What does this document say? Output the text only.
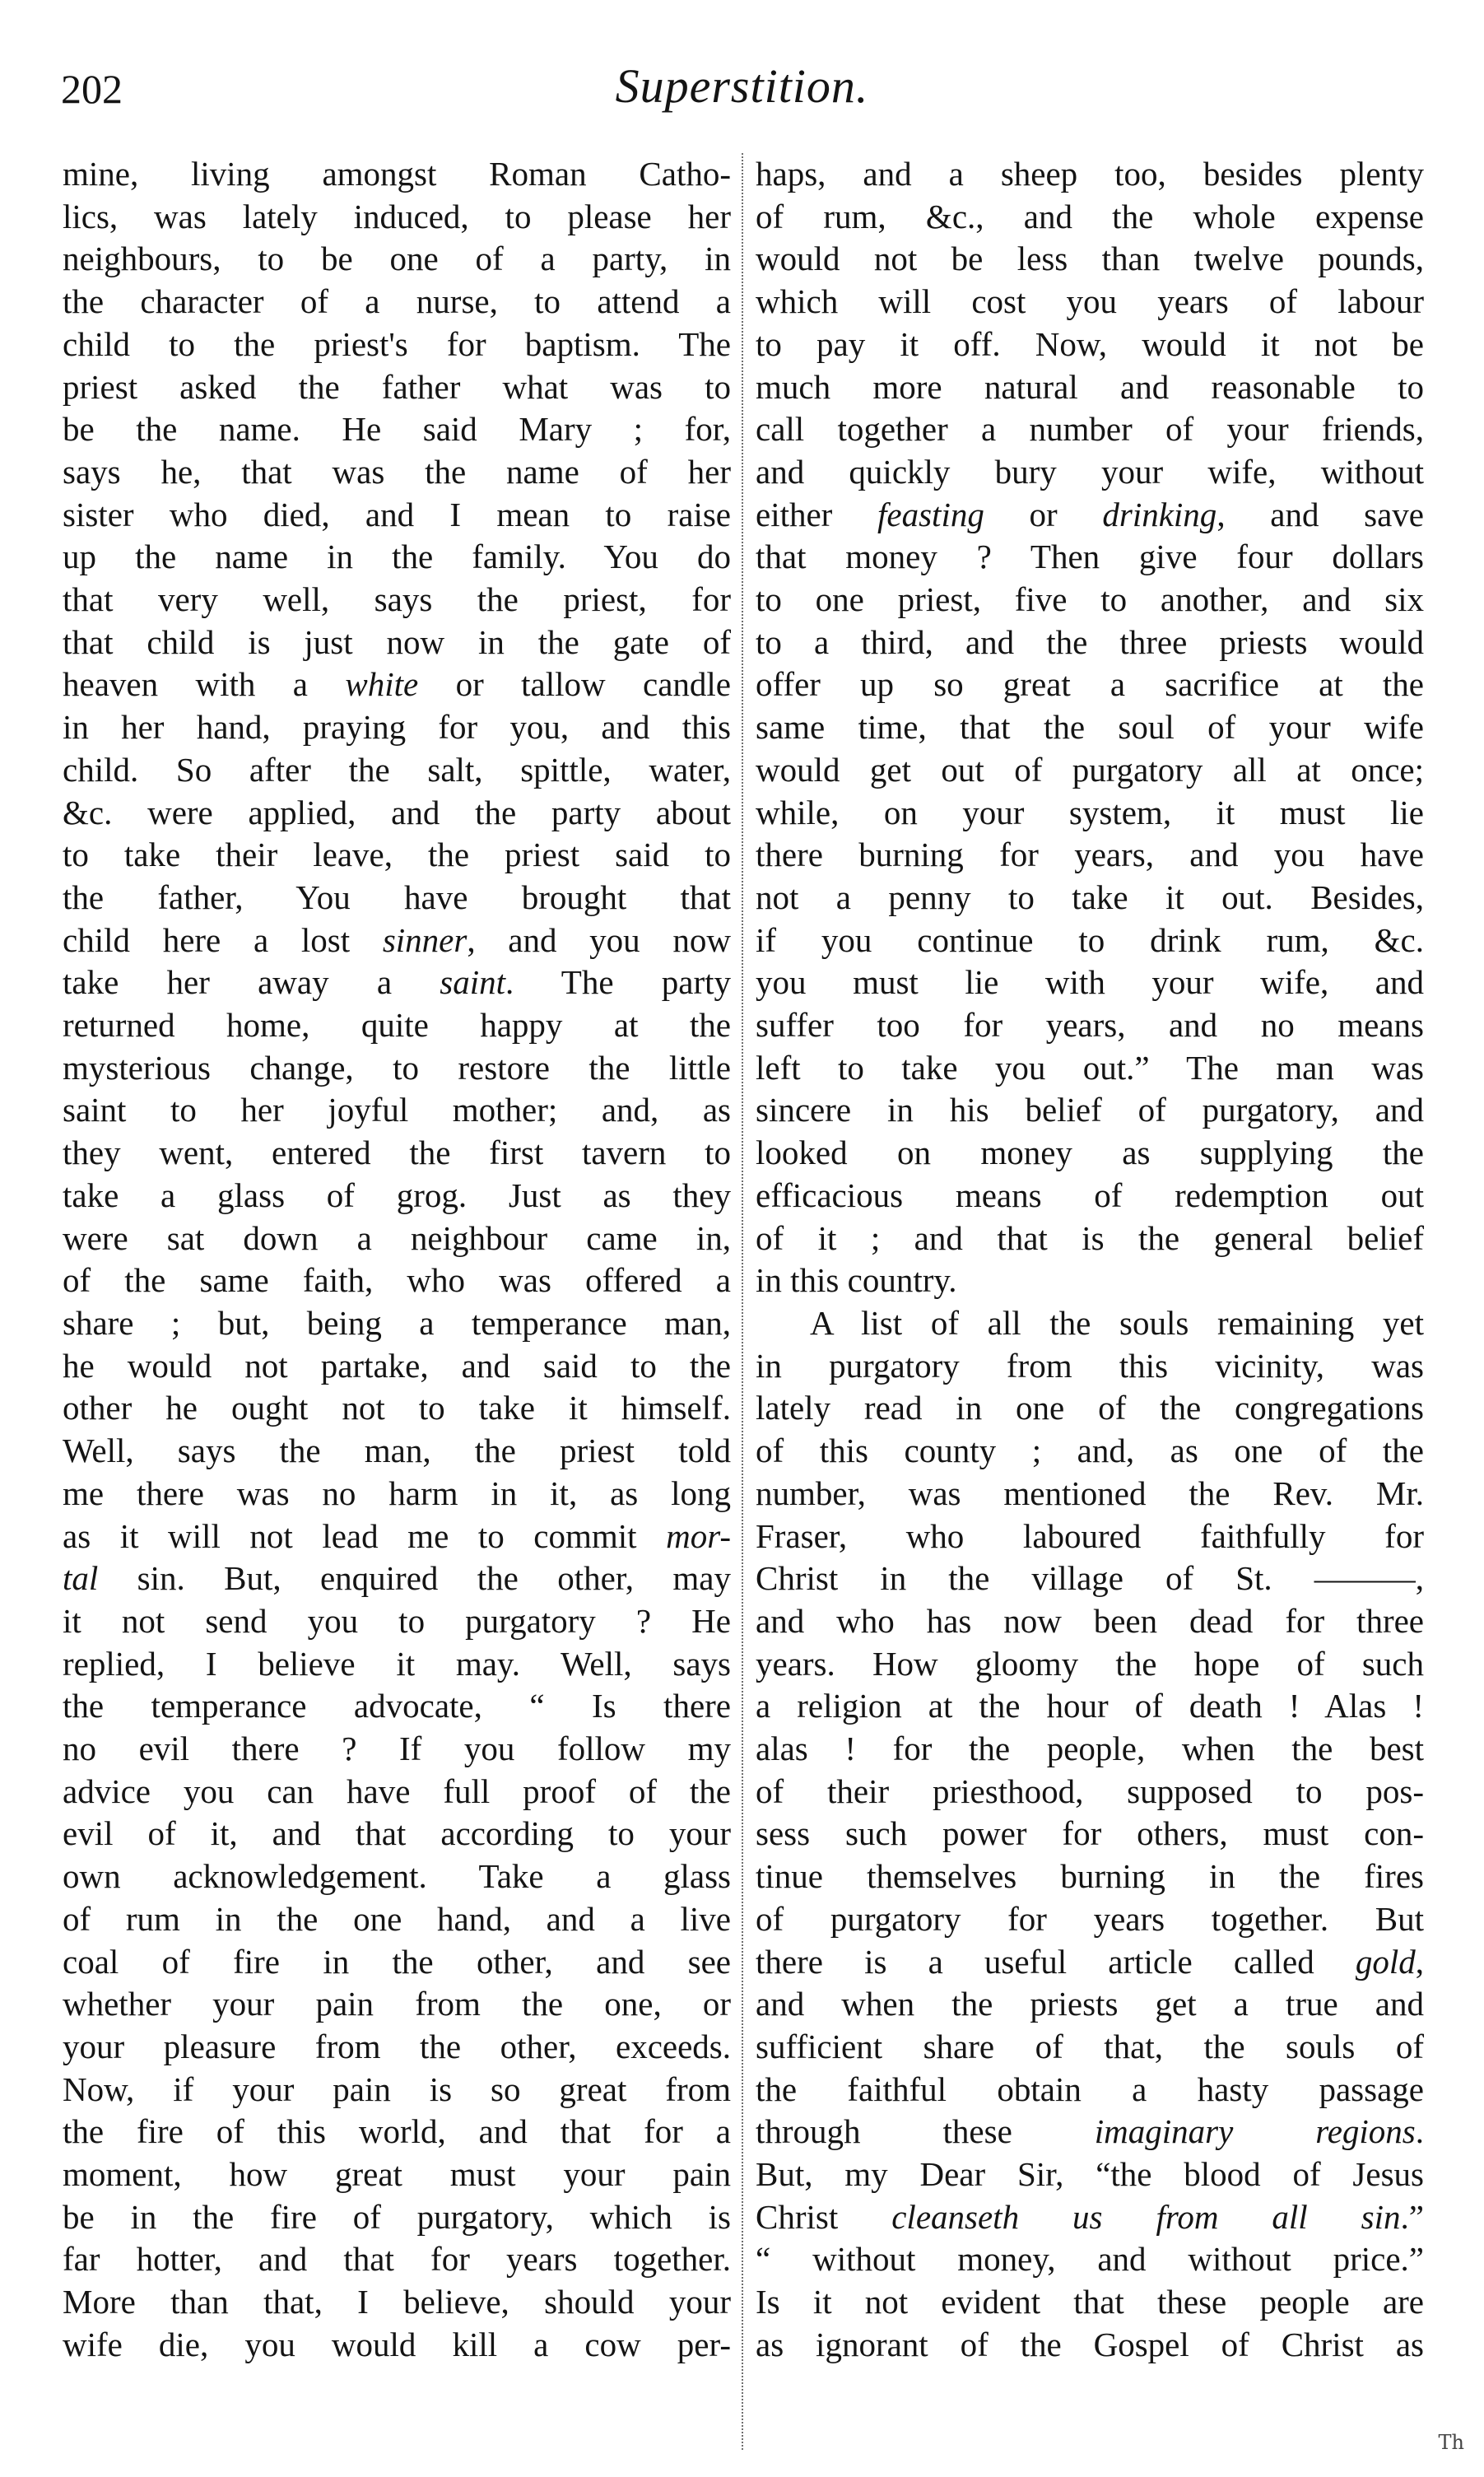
202	Superstition.
mine, living amongst Roman Catho-
lics, was lately induced, to please her
neighbours, to be one of a party, in
the character of a nurse, to attend a
child to the priest's for baptism. The
priest asked the father what was to
be the name. He said Mary ; for,
says he, that was the name of her
sister who died, and I mean to raise
up the name in the family. You do
that very well, says the priest, for
that child is just now in the gate of
heaven with a white or tallow candle
in her hand, praying for you, and this
child. So after the salt, spittle, water,
&c. were applied, and the party about
to take their leave, the priest said to
the father, You have brought that
child here a lost sinner, and you now
take her away a saint. The party
returned home, quite happy at the
mysterious change, to restore the little
saint to her joyful mother; and, as
they went, entered the first tavern to
take a glass of grog. Just as they
were sat down a neighbour came in,
of the same faith, who was offered a
share ; but, being a temperance man,
he would not partake, and said to the
other he ought not to take it himself.
Well, says the man, the priest told
me there was no harm in it, as long
as it will not lead me to commit mor-
tal sin. But, enquired the other, may
it not send you to purgatory ? He
replied, I believe it may. Well, says
the temperance advocate, “ Is there
no evil there ? If you follow my
advice you can have full proof of the
evil of it, and that according to your
own acknowledgement. Take a glass
of rum in the one hand, and a live
coal of fire in the other, and see
whether your pain from the one, or
your pleasure from the other, exceeds.
Now, if your pain is so great from
the fire of this world, and that for a
moment, how great must your pain
be in the fire of purgatory, which is
far hotter, and that for years together.
More than that, I believe, should your
wife die, you would kill a cow per-
haps, and a sheep too, besides plenty
of rum, &c., and the whole expense
would not be less than twelve pounds,
which will cost you years of labour
to pay it off. Now, would it not be
much more natural and reasonable to
call together a number of your friends,
and quickly bury your wife, without
either feasting or drinking, and save
that money ? Then give four dollars
to one priest, five to another, and six
to a third, and the three priests would
offer up so great a sacrifice at the
same time, that the soul of your wife
would get out of purgatory all at once;
while, on your system, it must lie
there burning for years, and you have
not a penny to take it out. Besides,
if you continue to drink rum, &c.
you must lie with your wife, and
suffer too for years, and no means
left to take you out.” The man was
sincere in his belief of purgatory, and
looked on money as supplying the
efficacious means of redemption out
of it ; and that is the general belief
in this country.
A list of all the souls remaining yet
in purgatory from this vicinity, was
lately read in one of the congregations
of this county ; and, as one of the
number, was mentioned the Rev. Mr.
Fraser, who laboured faithfully for
Christ in the village of St. ———,
and who has now been dead for three
years. How gloomy the hope of such
a religion at the hour of death ! Alas !
alas ! for the people, when the best
of their priesthood, supposed to pos-
sess such power for others, must con-
tinue themselves burning in the fires
of purgatory for years together. But
there is a useful article called gold,
and when the priests get a true and
sufficient share of that, the souls of
the faithful obtain a hasty passage
through these imaginary regions.
But, my Dear Sir, “the blood of Jesus
Christ cleanseth us from all sin.”
“ without money, and without price.”
Is it not evident that these people are
as ignorant of the Gospel of Christ as
Th
